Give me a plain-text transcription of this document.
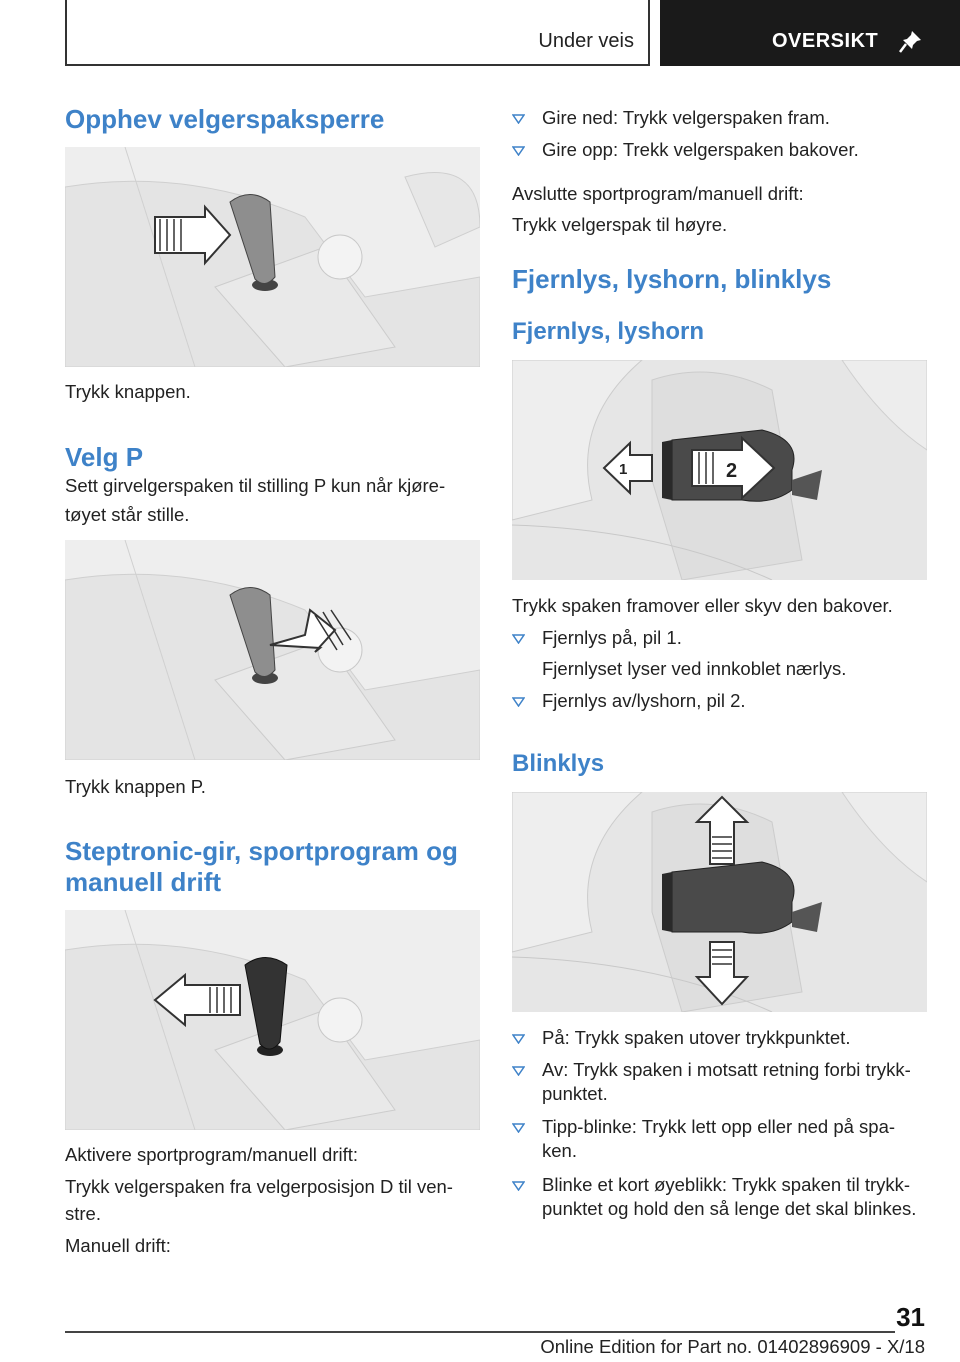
Under veis	OVERSIKT
Opphev velgerspaksperre
Trykk knappen.
Velg P
Sett girvelgerspaken til stilling P kun når kjøre-
tøyet står stille.
Trykk knappen P.
Steptronic-gir, sportprogram og
manuell drift
Aktivere sportprogram/manuell drift:
Trykk velgerspaken fra velgerposisjon D til ven-
stre.
Manuell drift:
Gire ned: Trykk velgerspaken fram.
Gire opp: Trekk velgerspaken bakover.
Avslutte sportprogram/manuell drift:
Trykk velgerspak til høyre.
Fjernlys, lyshorn, blinklys
Fjernlys, lyshorn
1	2
Trykk spaken framover eller skyv den bakover.
Fjernlys på, pil 1.
Fjernlyset lyser ved innkoblet nærlys.
Fjernlys av/lyshorn, pil 2.
Blinklys
På: Trykk spaken utover trykkpunktet.
Av: Trykk spaken i motsatt retning forbi trykk-
punktet.
Tipp-blinke: Trykk lett opp eller ned på spa-
ken.
Blinke et kort øyeblikk: Trykk spaken til trykk-
punktet og hold den så lenge det skal blinkes.
31
Online Edition for Part no. 01402896909 - X/18
